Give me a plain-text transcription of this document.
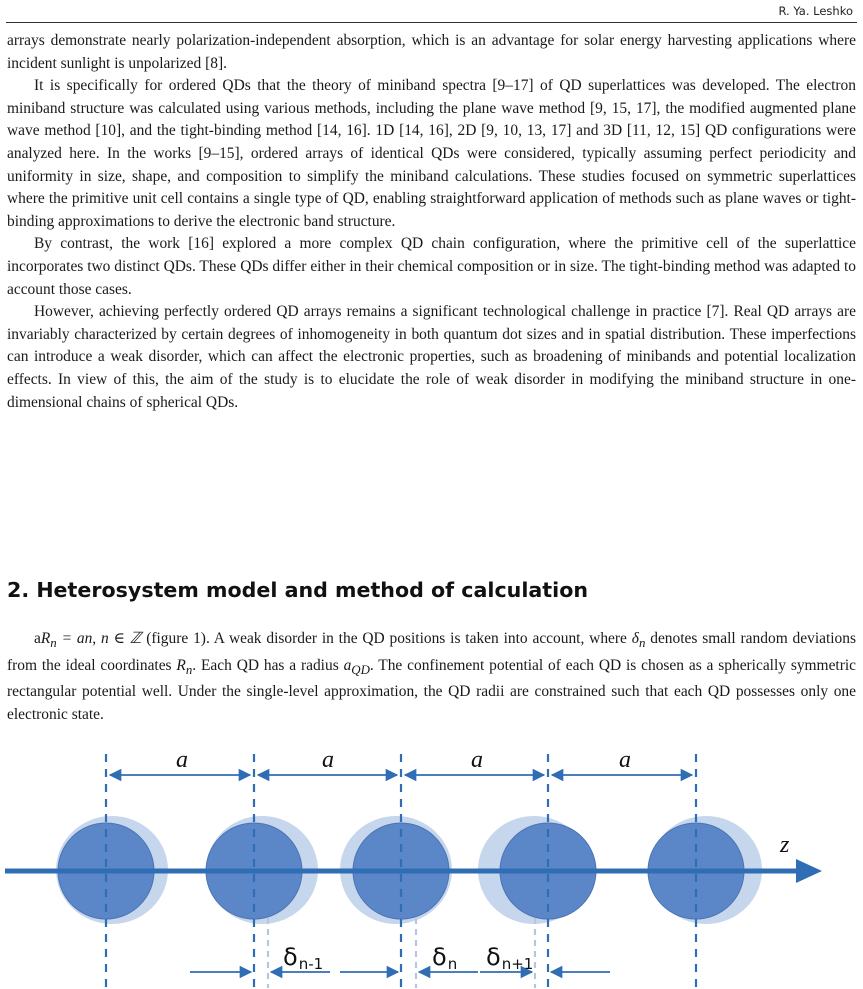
R. Ya. Leshko

arrays demonstrate nearly polarization-independent absorption, which is an advantage for solar energy harvesting applications where incident sunlight is unpolarized [8].

It is specifically for ordered QDs that the theory of miniband spectra [9–17] of QD superlattices was developed. The electron miniband structure was calculated using various methods, including the plane wave method [9, 15, 17], the modified augmented plane wave method [10], and the tight-binding method [14, 16]. 1D [14, 16], 2D [9, 10, 13, 17] and 3D [11, 12, 15] QD configurations were analyzed here. In the works [9–15], ordered arrays of identical QDs were considered, typically assuming perfect periodicity and uniformity in size, shape, and composition to simplify the miniband calculations. These studies focused on symmetric superlattices where the primitive unit cell contains a single type of QD, enabling straightforward application of methods such as plane waves or tight-binding approximations to derive the electronic band structure.

By contrast, the work [16] explored a more complex QD chain configuration, where the primitive cell of the superlattice incorporates two distinct QDs. These QDs differ either in their chemical composition or in size. The tight-binding method was adapted to account those cases.

However, achieving perfectly ordered QD arrays remains a significant technological challenge in practice [7]. Real QD arrays are invariably characterized by certain degrees of inhomogeneity in both quantum dot sizes and in spatial distribution. These imperfections can introduce a weak disorder, which can affect the electronic properties, such as broadening of minibands and potential localization effects. In view of this, the aim of the study is to elucidate the role of weak disorder in modifying the miniband structure in one-dimensional chains of spherical QDs.

2. Heterosystem model and method of calculation

$aR_n$ = an, n ∈ ℤ (figure 1). A weak disorder in the QD positions is taken into account, where $\delta_n$ denotes small random deviations from the ideal coordinates $R_n$. Each QD has a radius $a_{QD}$. The confinement potential of each QD is chosen as a spherically symmetric rectangular potential well. Under the single-level approximation, the QD radii are constrained such that each QD possesses only one electronic state.

z
a	a	a	a
δn-1	δn δn+1
